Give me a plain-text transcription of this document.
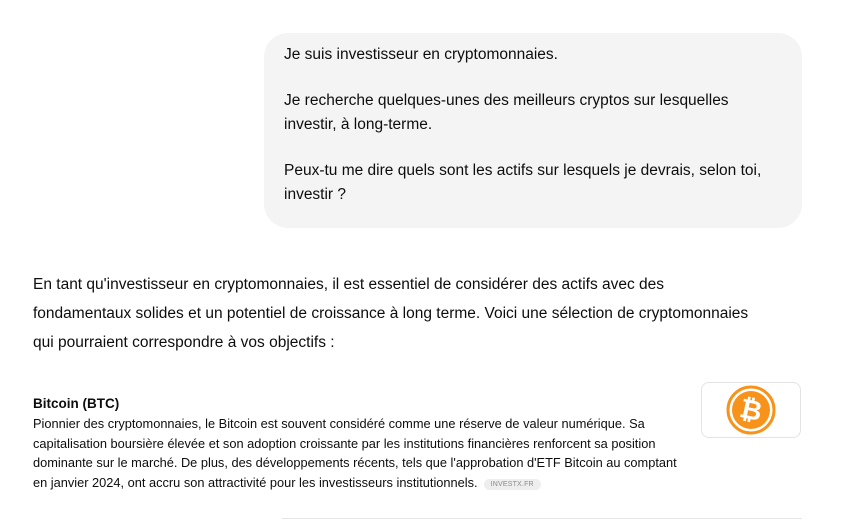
Je suis investisseur en cryptomonnaies.

Je recherche quelques-unes des meilleurs cryptos sur lesquelles investir, à long-terme.

Peux-tu me dire quels sont les actifs sur lesquels je devrais, selon toi, investir ?

En tant qu'investisseur en cryptomonnaies, il est essentiel de considérer des actifs avec des fondamentaux solides et un potentiel de croissance à long terme. Voici une sélection de cryptomonnaies qui pourraient correspondre à vos objectifs :

Bitcoin (BTC)

Pionnier des cryptomonnaies, le Bitcoin est souvent considéré comme une réserve de valeur numérique. Sa capitalisation boursière élevée et son adoption croissante par les institutions financières renforcent sa position dominante sur le marché. De plus, des développements récents, tels que l'approbation d'ETF Bitcoin au comptant en janvier 2024, ont accru son attractivité pour les investisseurs institutionnels. INVESTX.FR

₿
